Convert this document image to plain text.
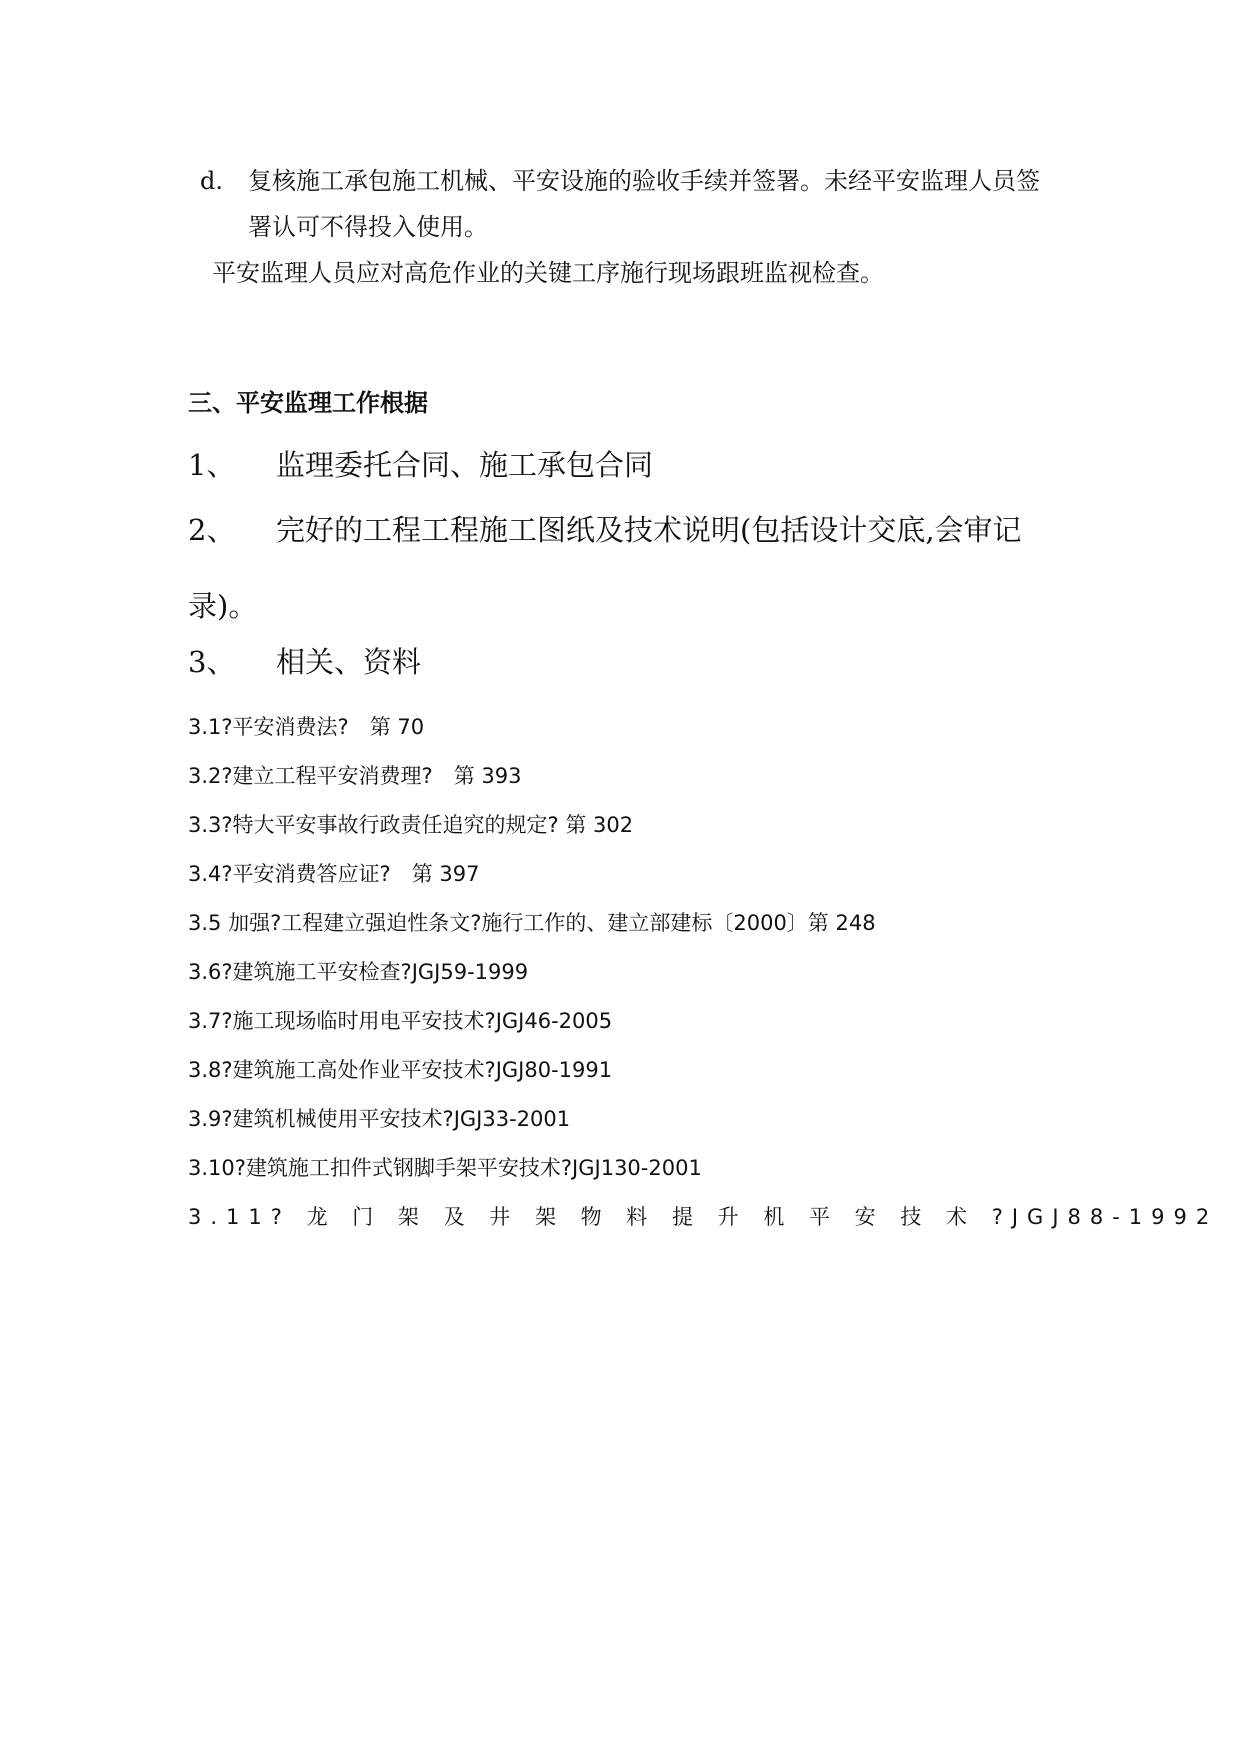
d. 复核施工承包施工机械、平安设施的验收手续并签署。未经平安监理人员签署认可不得投入使用。
平安监理人员应对高危作业的关键工序施行现场跟班监视检查。
三、平安监理工作根据
1、 监理委托合同、施工承包合同
2、 完好的工程工程施工图纸及技术说明(包括设计交底,会审记
录)。
3、 相关、资料
3.1?平安消费法?　第 70
3.2?建立工程平安消费理?　第 393
3.3?特大平安事故行政责任追究的规定? 第 302
3.4?平安消费答应证?　第 397
3.5 加强?工程建立强迫性条文?施行工作的、建立部建标〔2000〕第 248
3.6?建筑施工平安检查?JGJ59-1999
3.7?施工现场临时用电平安技术?JGJ46-2005
3.8?建筑施工高处作业平安技术?JGJ80-1991
3.9?建筑机械使用平安技术?JGJ33-2001
3.10?建筑施工扣件式钢脚手架平安技术?JGJ130-2001
3.11? 龙 门 架 及 井 架 物 料 提 升 机 平 安 技 术 ?JGJ88-1992
